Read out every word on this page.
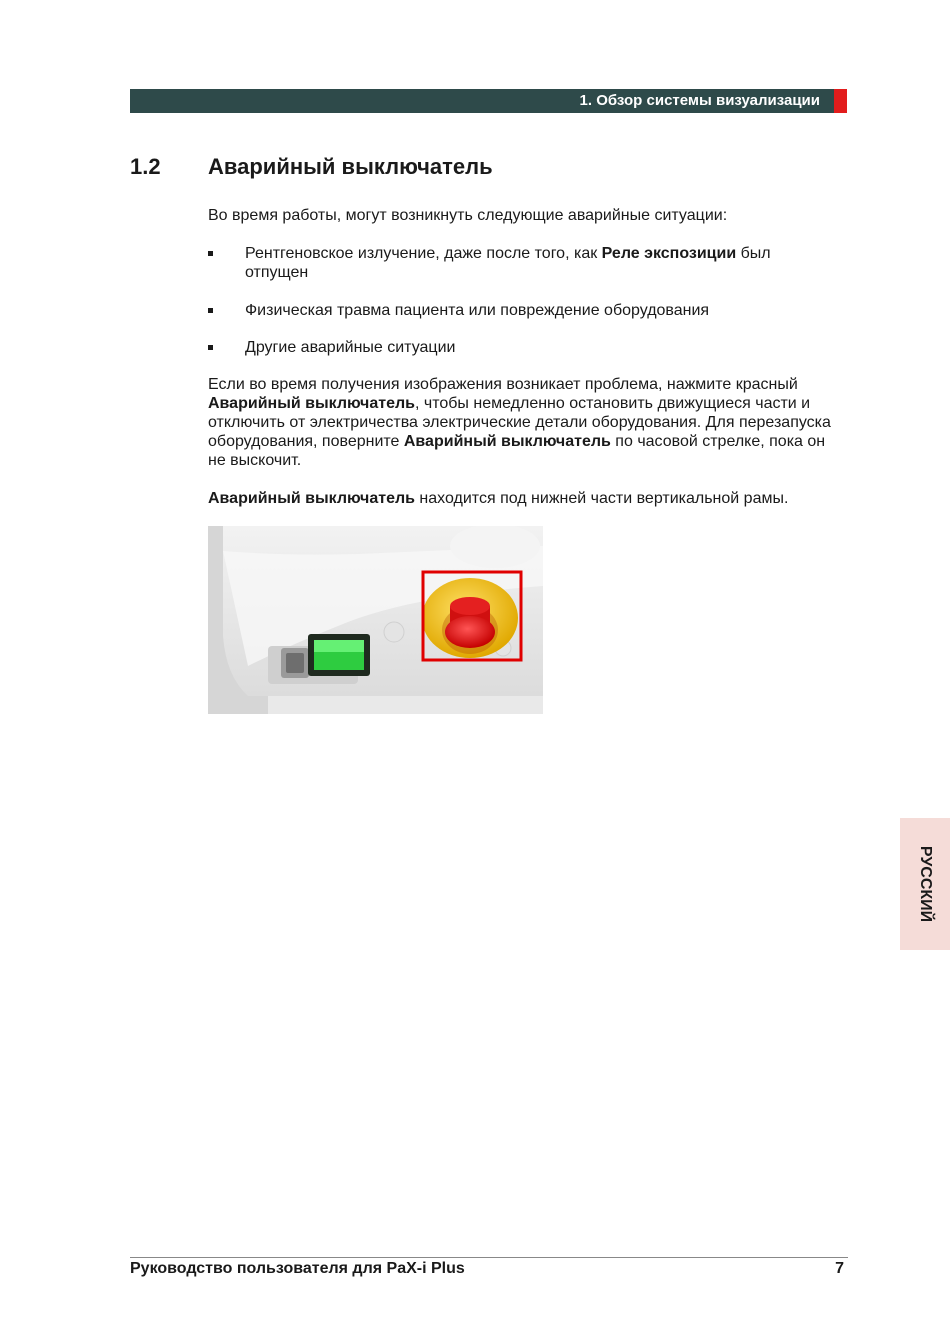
1. Обзор системы визуализации
1.2 Аварийный выключатель
Во время работы, могут возникнуть следующие аварийные ситуации:
Рентгеновское излучение, даже после того, как Реле экспозиции был отпущен
Физическая травма пациента или повреждение оборудования
Другие аварийные ситуации
Если во время получения изображения возникает проблема, нажмите красный Аварийный выключатель, чтобы немедленно остановить движущиеся части и отключить от электричества электрические детали оборудования. Для перезапуска оборудования, поверните Аварийный выключатель по часовой стрелке, пока он не выскочит.
Аварийный выключатель находится под нижней части вертикальной рамы.
РУССКИЙ
Руководство пользователя для PaX-i Plus	7
